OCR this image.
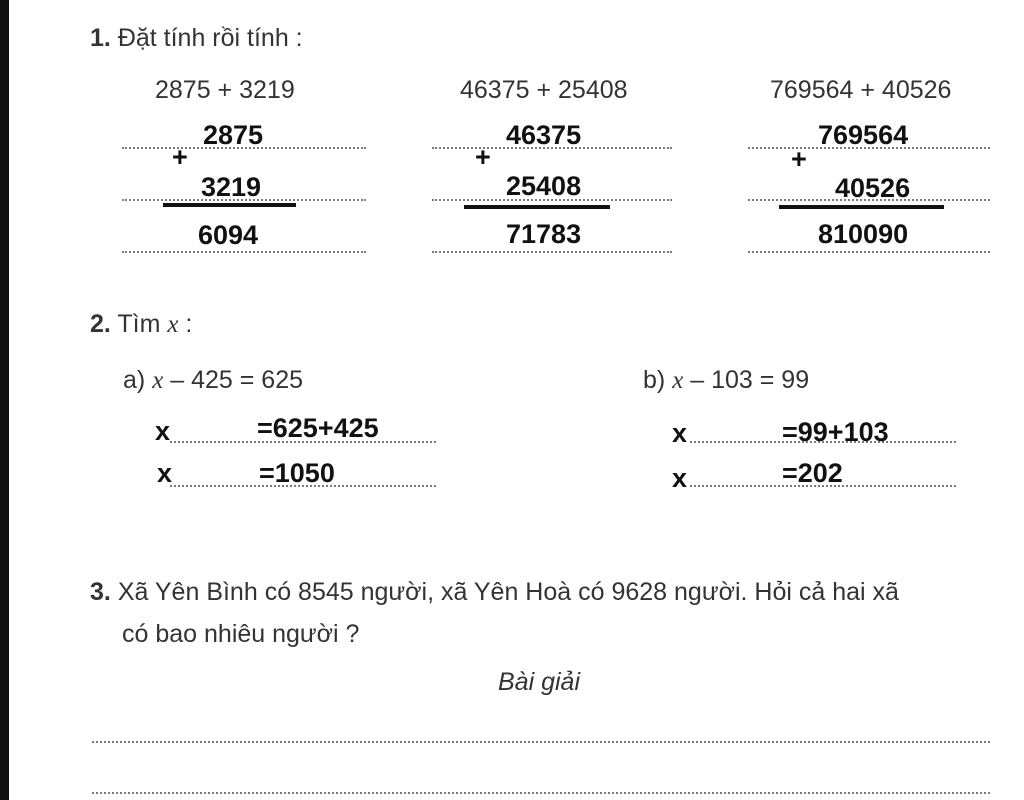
1. Đặt tính rồi tính :
2875 + 3219	46375 + 25408	769564 + 40526
2875
+
3219
6094
46375
+
25408
71783
769564
+
40526
810090
2. Tìm x :
a) x – 425 = 625	b) x – 103 = 99
x	=625+425
x	=1050
x	=99+103
x	=202
3. Xã Yên Bình có 8545 người, xã Yên Hoà có 9628 người. Hỏi cả hai xã
có bao nhiêu người ?
Bài giải
